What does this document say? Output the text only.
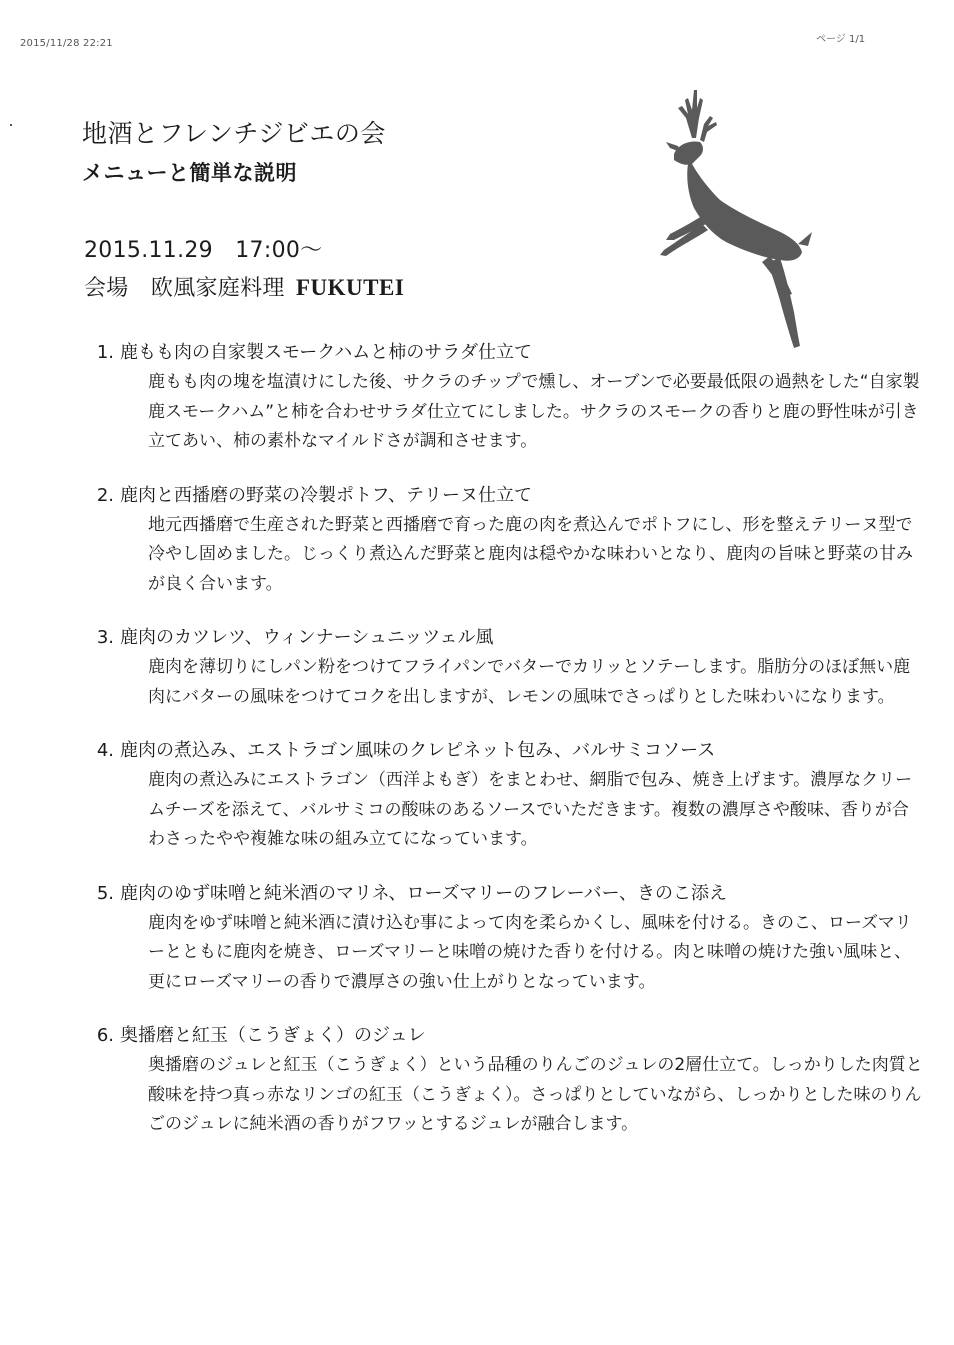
2015/11/28 22:21	ページ 1/1
地酒とフレンチジビエの会
メニューと簡単な説明
2015.11.29　17:00～
会場　欧風家庭料理 FUKUTEI
1. 鹿もも肉の自家製スモークハムと柿のサラダ仕立て
鹿もも肉の塊を塩漬けにした後、サクラのチップで燻し、オーブンで必要最低限の過熱をした“自家製鹿スモークハム”と柿を合わせサラダ仕立てにしました。サクラのスモークの香りと鹿の野性味が引き立てあい、柿の素朴なマイルドさが調和させます。
2. 鹿肉と西播磨の野菜の冷製ポトフ、テリーヌ仕立て
地元西播磨で生産された野菜と西播磨で育った鹿の肉を煮込んでポトフにし、形を整えテリーヌ型で冷やし固めました。じっくり煮込んだ野菜と鹿肉は穏やかな味わいとなり、鹿肉の旨味と野菜の甘みが良く合います。
3. 鹿肉のカツレツ、ウィンナーシュニッツェル風
鹿肉を薄切りにしパン粉をつけてフライパンでバターでカリッとソテーします。脂肪分のほぼ無い鹿肉にバターの風味をつけてコクを出しますが、レモンの風味でさっぱりとした味わいになります。
4. 鹿肉の煮込み、エストラゴン風味のクレピネット包み、バルサミコソース
鹿肉の煮込みにエストラゴン（西洋よもぎ）をまとわせ、網脂で包み、焼き上げます。濃厚なクリームチーズを添えて、バルサミコの酸味のあるソースでいただきます。複数の濃厚さや酸味、香りが合わさったやや複雑な味の組み立てになっています。
5. 鹿肉のゆず味噌と純米酒のマリネ、ローズマリーのフレーバー、きのこ添え
鹿肉をゆず味噌と純米酒に漬け込む事によって肉を柔らかくし、風味を付ける。きのこ、ローズマリーとともに鹿肉を焼き、ローズマリーと味噌の焼けた香りを付ける。肉と味噌の焼けた強い風味と、更にローズマリーの香りで濃厚さの強い仕上がりとなっています。
6. 奥播磨と紅玉（こうぎょく）のジュレ
奥播磨のジュレと紅玉（こうぎょく）という品種のりんごのジュレの2層仕立て。しっかりした肉質と酸味を持つ真っ赤なリンゴの紅玉（こうぎょく）。さっぱりとしていながら、しっかりとした味のりんごのジュレに純米酒の香りがフワッとするジュレが融合します。
